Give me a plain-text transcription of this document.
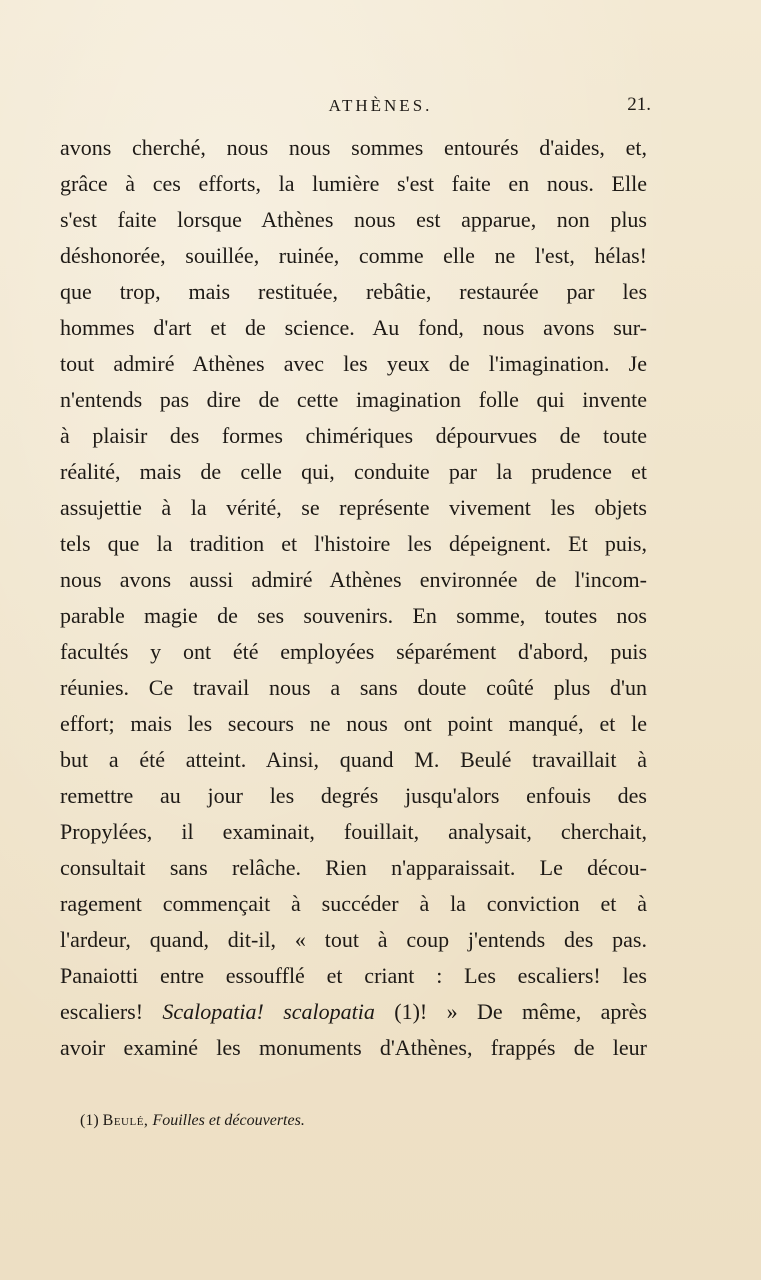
ATHÈNES.	21.
avons cherché, nous nous sommes entourés d'aides, et,
grâce à ces efforts, la lumière s'est faite en nous. Elle
s'est faite lorsque Athènes nous est apparue, non plus
déshonorée, souillée, ruinée, comme elle ne l'est, hélas!
que trop, mais restituée, rebâtie, restaurée par les
hommes d'art et de science. Au fond, nous avons sur-
tout admiré Athènes avec les yeux de l'imagination. Je
n'entends pas dire de cette imagination folle qui invente
à plaisir des formes chimériques dépourvues de toute
réalité, mais de celle qui, conduite par la prudence et
assujettie à la vérité, se représente vivement les objets
tels que la tradition et l'histoire les dépeignent. Et puis,
nous avons aussi admiré Athènes environnée de l'incom-
parable magie de ses souvenirs. En somme, toutes nos
facultés y ont été employées séparément d'abord, puis
réunies. Ce travail nous a sans doute coûté plus d'un
effort; mais les secours ne nous ont point manqué, et le
but a été atteint. Ainsi, quand M. Beulé travaillait à
remettre au jour les degrés jusqu'alors enfouis des
Propylées, il examinait, fouillait, analysait, cherchait,
consultait sans relâche. Rien n'apparaissait. Le décou-
ragement commençait à succéder à la conviction et à
l'ardeur, quand, dit-il, « tout à coup j'entends des pas.
Panaiotti entre essoufflé et criant : Les escaliers! les
escaliers! Scalopatia! scalopatia (1)! » De même, après
avoir examiné les monuments d'Athènes, frappés de leur
(1) Beulé, Fouilles et découvertes.
